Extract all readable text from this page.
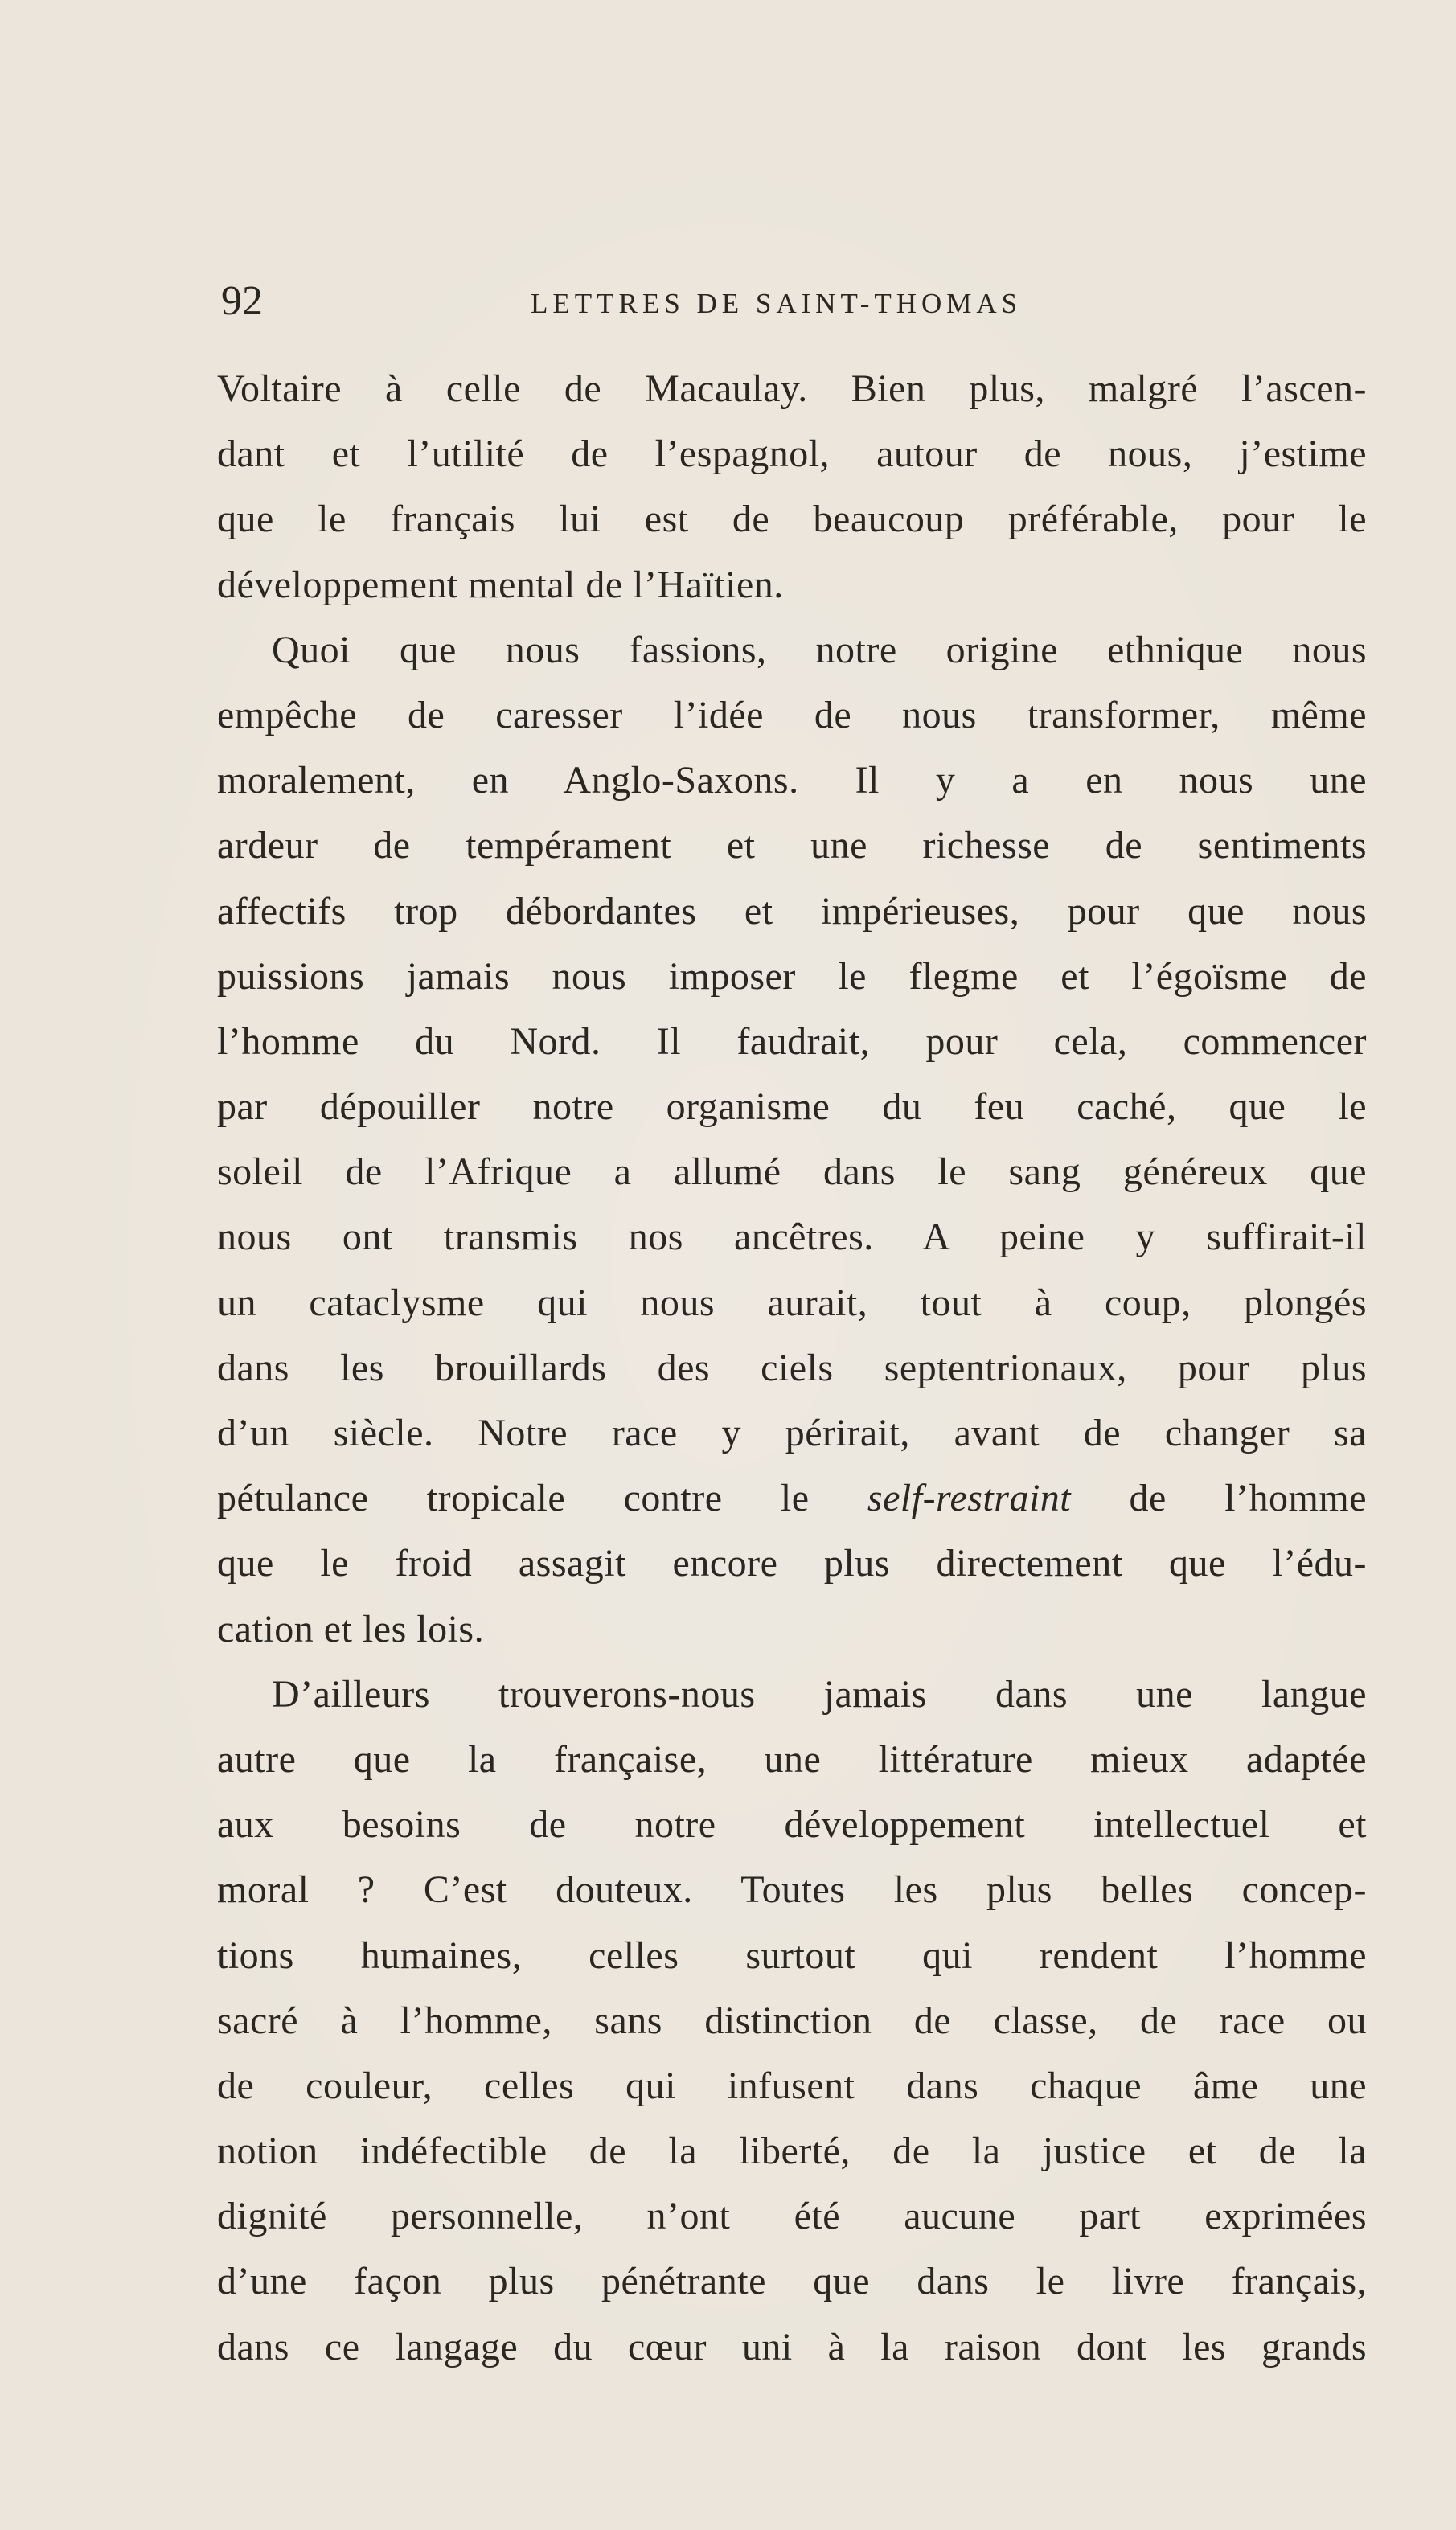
92	LETTRES DE SAINT-THOMAS
Voltaire à celle de Macaulay. Bien plus, malgré l’ascen-
dant et l’utilité de l’espagnol, autour de nous, j’estime
que le français lui est de beaucoup préférable, pour le
développement mental de l’Haïtien.
Quoi que nous fassions, notre origine ethnique nous
empêche de caresser l’idée de nous transformer, même
moralement, en Anglo-Saxons. Il y a en nous une
ardeur de tempérament et une richesse de sentiments
affectifs trop débordantes et impérieuses, pour que nous
puissions jamais nous imposer le flegme et l’égoïsme de
l’homme du Nord. Il faudrait, pour cela, commencer
par dépouiller notre organisme du feu caché, que le
soleil de l’Afrique a allumé dans le sang généreux que
nous ont transmis nos ancêtres. A peine y suffirait-il
un cataclysme qui nous aurait, tout à coup, plongés
dans les brouillards des ciels septentrionaux, pour plus
d’un siècle. Notre race y périrait, avant de changer sa
pétulance tropicale contre le self-restraint de l’homme
que le froid assagit encore plus directement que l’édu-
cation et les lois.
D’ailleurs trouverons-nous jamais dans une langue
autre que la française, une littérature mieux adaptée
aux besoins de notre développement intellectuel et
moral ? C’est douteux. Toutes les plus belles concep-
tions humaines, celles surtout qui rendent l’homme
sacré à l’homme, sans distinction de classe, de race ou
de couleur, celles qui infusent dans chaque âme une
notion indéfectible de la liberté, de la justice et de la
dignité personnelle, n’ont été aucune part exprimées
d’une façon plus pénétrante que dans le livre français,
dans ce langage du cœur uni à la raison dont les grands
